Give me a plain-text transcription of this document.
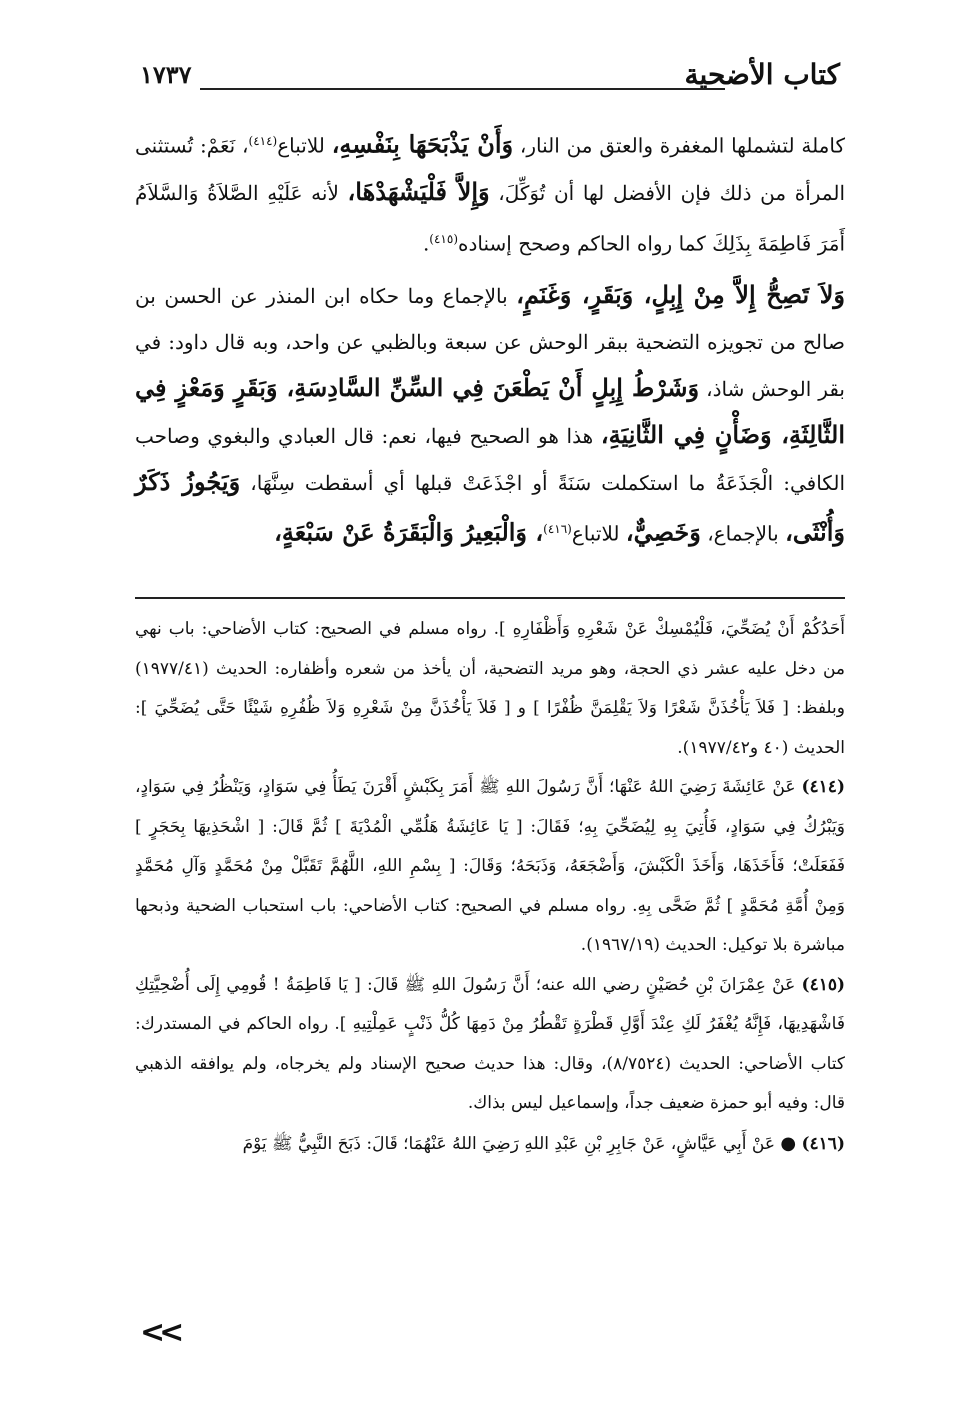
كتاب الأضحية
١٧٣٧

كاملة لتشملها المغفرة والعتق من النار، وَأَنْ يَذْبَحَهَا بِنَفْسِهِ، للاتباع$^{(٤١٤)}$، نَعَمْ: تُستثنى المرأة من ذلك فإن الأفضل لها أن تُوَكِّلَ، وَإِلاَّ فَلْيَشْهَدْهَا، لأنه عَلَيْهِ الصَّلاَةُ وَالسَّلاَمُ أَمَرَ فَاطِمَةَ بِذَلِكَ كما رواه الحاكم وصحح إسناده$^{(٤١٥)}$.

وَلاَ تَصِحُّ إِلاَّ مِنْ إِبِلٍ، وَبَقَرٍ، وَغَنَمٍ، بالإجماع وما حكاه ابن المنذر عن الحسن بن صالح من تجويزه التضحية ببقر الوحش عن سبعة وبالظبي عن واحد، وبه قال داود: في بقر الوحش شاذ، وَشَرْطُ إِبِلٍ أَنْ يَطْعَنَ فِي السِّنِّ السَّادِسَةِ، وَبَقَرٍ وَمَعْزٍ فِي الثَّالِثَةِ، وَضَأْنٍ فِي الثَّانِيَةِ، هذا هو الصحيح فيها، نعم: قال العبادي والبغوي وصاحب الكافي: الْجَذَعَةُ ما استكملت سَنَةً أو اجْذَعَتْ قبلها أي أسقطت سِنَّهَا، وَيَجُوزُ ذَكَرٌ وَأُنْثَى، بالإجماع، وَخَصِيٌّ، للاتباع$^{(٤١٦)}$، وَالْبَعِيرُ وَالْبَقَرَةُ عَنْ سَبْعَةٍ،

أَحَدُكُمْ أَنْ يُضَحِّيَ، فَلْيُمْسِكْ عَنْ شَعْرِهِ وَأَظْفَارِهِ ]. رواه مسلم في الصحيح: كتاب الأضاحي: باب نهي من دخل عليه عشر ذي الحجة، وهو مريد التضحية، أن يأخذ من شعره وأظفاره: الحديث (١٩٧٧/٤١) وبلفظ: [ فَلاَ يَأْخُذَنَّ شَعْرًا وَلاَ يَقْلِمَنَّ ظُفْرًا ] و [ فَلاَ يَأْخُذَنَّ مِنْ شَعْرِهِ وَلاَ ظُفُرِهِ شَيْئًا حَتَّى يُضَحِّيَ ]: الحديث (٤٠ و١٩٧٧/٤٢).

(٤١٤) عَنْ عَائِشَةَ رَضِيَ اللهُ عَنْهَا؛ أَنَّ رَسُولَ اللهِ ﷺ أَمَرَ بِكَبْشٍ أَقْرَنَ يَطَأُ فِي سَوَادٍ، وَيَنْظُرُ فِي سَوَادٍ، وَيَبْرُكُ فِي سَوَادٍ، فَأُتِيَ بِهِ لِيُضَحِّيَ بِهِ؛ فَقَالَ: [ يَا عَائِشَةُ هَلُمِّي الْمُدْيَةَ ] ثُمَّ قَالَ: [ اشْحَذِيهَا بِحَجَرٍ ] فَفَعَلَتْ؛ فَأَخَذَهَا، وَأَخَذَ الْكَبْشَ، وَأَضْجَعَهُ، وَذَبَحَهُ؛ وَقَالَ: [ بِسْمِ اللهِ، اللَّهُمَّ تَقَبَّلْ مِنْ مُحَمَّدٍ وَآلِ مُحَمَّدٍ وَمِنْ أُمَّةِ مُحَمَّدٍ ] ثُمَّ ضَحَّى بِهِ. رواه مسلم في الصحيح: كتاب الأضاحي: باب استحباب الضحية وذبحها مباشرة بلا توكيل: الحديث (١٩٦٧/١٩).

(٤١٥) عَنْ عِمْرَانَ بْنِ حُصَيْنٍ رضي الله عنه؛ أَنَّ رَسُولَ اللهِ ﷺ قَالَ: [ يَا فَاطِمَةُ ! قُومِي إِلَى أُضْحِيَّتِكِ فَاشْهَدِيهَا، فَإِنَّهُ يُغْفَرُ لَكِ عِنْدَ أَوَّلِ قَطْرَةٍ تَقْطُرُ مِنْ دَمِهَا كُلُّ ذَنْبٍ عَمِلْتِيهِ ]. رواه الحاكم في المستدرك: كتاب الأضاحي: الحديث (٨/٧٥٢٤)، وقال: هذا حديث صحيح الإسناد ولم يخرجاه، ولم يوافقه الذهبي قال: وفيه أبو حمزة ضعيف جداً، وإسماعيل ليس بذاك.

(٤١٦) ● عَنْ أَبِي عَيَّاشٍ، عَنْ جَابِرِ بْنِ عَبْدِ اللهِ رَضِيَ اللهُ عَنْهُمَا؛ قَالَ: ذَبَحَ النَّبِيُّ ﷺ يَوْمَ

<<
